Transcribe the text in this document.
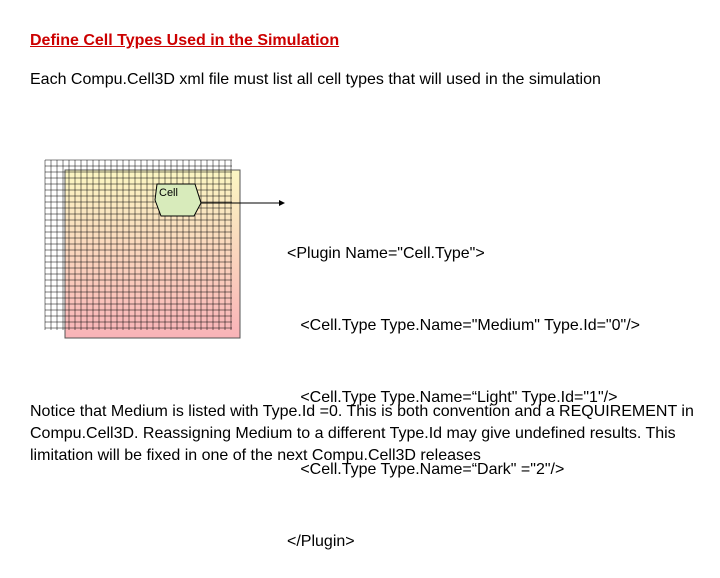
Define Cell Types Used in the Simulation
Each Compu.Cell3D xml file must list all cell types that will used in the simulation
Cell

<Plugin Name="Cell.Type">

<Cell.Type Type.Name="Medium" Type.Id="0"/>

<Cell.Type Type.Name=“Light" Type.Id="1"/>

<Cell.Type Type.Name=“Dark" ="2"/>

</Plugin>

Notice that Medium is listed with Type.Id =0. This is both convention and a REQUIREMENT in Compu.Cell3D. Reassigning Medium to a different Type.Id may give undefined results. This limitation will be fixed in one of the next Compu.Cell3D releases
